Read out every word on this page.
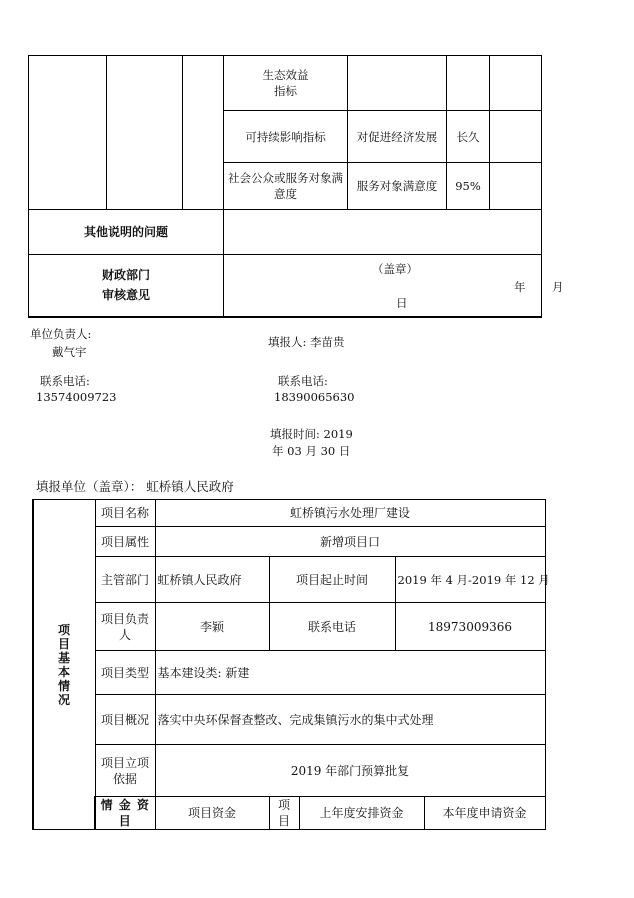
			生态效益
指标			
			可持续影响指标	对促进经济发展	长久	
			社会公众或服务对象满意度	服务对象满意度	95%	
其他说明的问题						
财政部门
审核意见			（盖章）
年 月
日			
单位负责人:
戴气宇
填报人: 李苗贵
联系电话:
13574009723
联系电话:
18390065630
填报时间: 2019
年 03 月 30 日
填报单位（盖章）： 虹桥镇人民政府
项目基本情况	项目名称	虹桥镇污水处理厂建设				
	项目属性	新增项目口				
	主管部门	虹桥镇人民政府	项目起止时间		2019 年 4 月-2019 年 12 月	
	项目负责人	李颖	联系电话		18973009366	
	项目类型	基本建设类: 新建				
	项目概况	落实中央环保督查整改、完成集镇污水的集中式处理				
	项目立项依据	2019 年部门预算批复				
	情 金 资 目	项目资金	项 目	上年度安排资金		本年度申请资金
